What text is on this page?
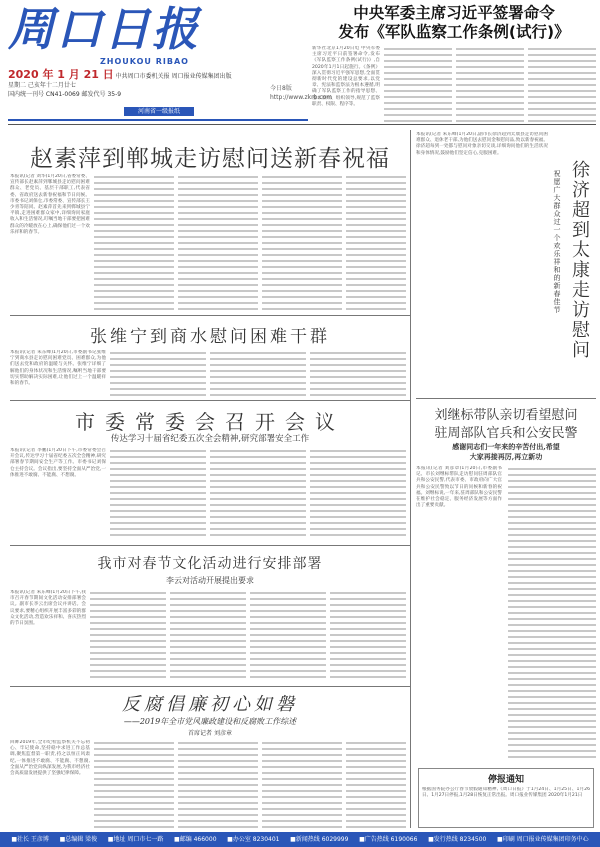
周口日报
ZHOUKOU RIBAO
2020 年 1 月 21 日 中共周口市委机关报 周口报业传媒集团出版
星期二 己亥年十二月廿七
国内统一刊号 CN41-0069 邮发代号 35-9
今日8版
http://www.zkrb.com
河南省一级报纸
中央军委主席习近平签署命令
发布《军队监察工作条例(试行)》
新华社北京1月20日电 中央军委主席习近平日前签署命令,发布《军队监察工作条例(试行)》,自2020年1月1日起施行。《条例》深入贯彻习近平强军思想,全面贯彻新时代党的建设总要求,以党章、宪法和监察法为根本遵循,明确了军队监察工作的指导思想、基本原则、组织领导,规范了监察职责、权限、程序等。
赵素萍到郸城走访慰问送新春祝福
本报讯(记者 刘华)1月20日,省委常委、宣传部长赵素萍到郸城县走访慰问困难群众、老党员、基层干部职工,代表省委、省政府送去新春祝福和节日问候。市委书记刘保仓,市委常委、宣传部长王少青等陪同。赵素萍首先来到郸城县宁平镇,走进困难群众家中,详细询问家庭收入和生活情况,叮嘱当地干部要把困难群众的冷暖放在心上,确保他们过一个欢乐祥和的春节。
张维宁到商水慰问困难干群
本报讯(记者 朱东峰)1月20日,市委副书记张维宁到商水县走访慰问困难党员、困难群众,为他们送去党和政府的温暖与关怀。张维宁详细了解他们的身体状况和生活情况,嘱咐当地干部要切实帮助解决实际困难,让他们过上一个温暖祥和的春节。
市委常委会召开会议
传达学习十届省纪委五次全会精神,研究部署安全工作
本报讯(记者 李鹏)1月20日下午,市委常委会召开会议,传达学习十届省纪委五次全会精神,研究部署春节期间安全生产等工作。市委书记刘保仓主持会议。会议指出,要坚持全面从严治党,一体推进不敢腐、不能腐、不想腐。
我市对春节文化活动进行安排部署
李云对活动开展提出要求
本报讯(记者 朱东峰)1月20日下午,我市召开春节期间文化活动安排部署会议。副市长李云出席会议并讲话。会议要求,要精心组织开展丰富多彩的群众文化活动,营造欢乐祥和、喜庆热烈的节日氛围。
反腐倡廉初心如磐
——2019年全市党风廉政建设和反腐败工作综述
首席记者 刘彦章
回眸2019年,全市纪检监察机关不忘初心、牢记使命,坚持稳中求进工作总基调,聚焦监督第一职责,持之以恒正风肃纪,一体推进不敢腐、不能腐、不想腐,全面从严治党向纵深发展,为我市经济社会高质量发展提供了坚强纪律保障。
本报讯(记者 朱东峰)1月20日,副市长徐济超到太康县走访慰问困难群众、退休老干部,为他们送去慰问金和慰问品,致以新春祝福。徐济超每到一处都与慰问对象亲切交谈,详细询问他们的生活状况和身体情况,鼓励他们坚定信心,克服困难。
徐济超到太康走访慰问
祝愿广大群众过一个欢乐祥和的新春佳节
刘继标带队亲切看望慰问
驻周部队官兵和公安民警
感谢同志们一年来的辛苦付出,希望
大家再接再厉,再立新功
本报讯(记者 刘彦章)1月20日,市委副书记、市长刘继标带队走访慰问驻周部队官兵和公安民警,代表市委、市政府向广大官兵和公安民警致以节日的问候和新春的祝福。刘继标说,一年来,驻周部队和公安民警在维护社会稳定、服务经济发展等方面作出了重要贡献。
停报通知
根据国务院办公厅春节放假通知精神,《周口日报》于1月24日、1月25日、1月26日、1月27日停报,1月28日恢复正常出报。周口报业传媒集团 2020年1月21日
■社长 王彦博 ■总编辑 梁俊 ■地址 周口市七一路 ■邮编 466000 ■办公室 8230401 ■新闻热线 6029999 ■广告热线 6190066 ■发行热线 8234500 ■印刷 周口报业传媒集团印务中心
